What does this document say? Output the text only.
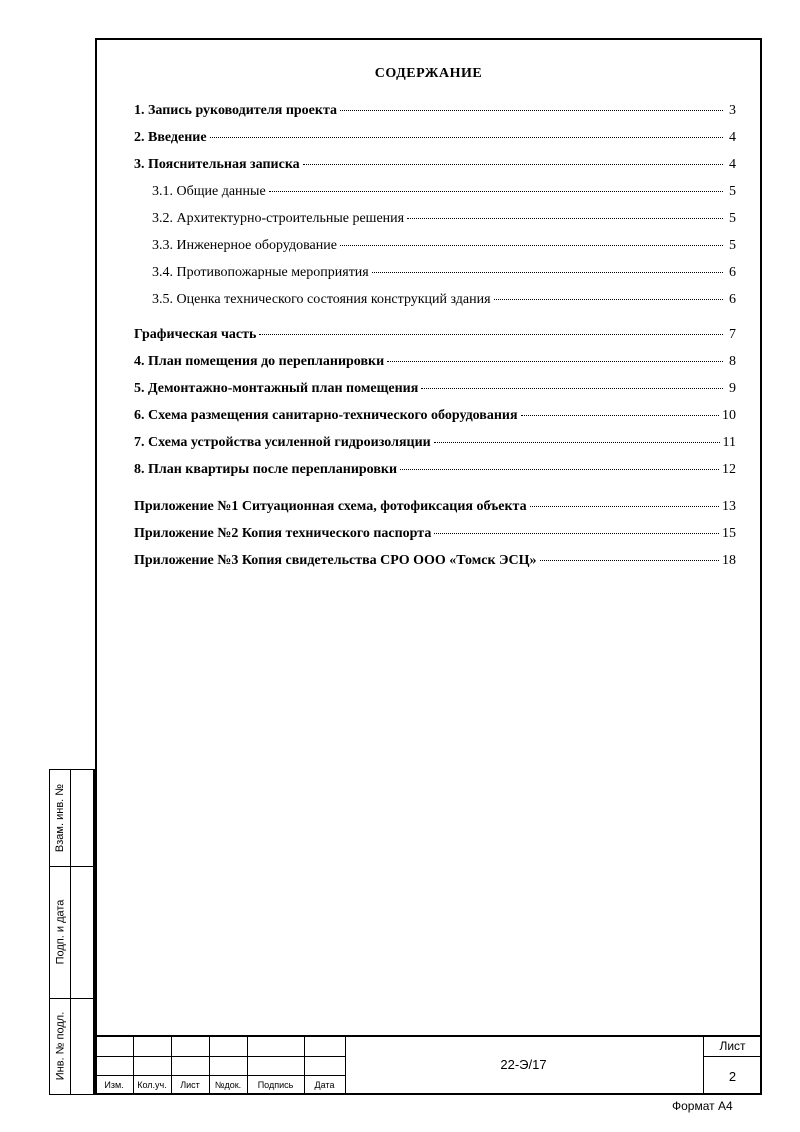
СОДЕРЖАНИЕ
1. Запись руководителя проекта	3
2. Введение	4
3. Пояснительная записка	4
3.1. Общие данные	5
3.2. Архитектурно-строительные решения	5
3.3. Инженерное оборудование	5
3.4. Противопожарные мероприятия	6
3.5. Оценка технического состояния конструкций здания	6
Графическая часть	7
4. План помещения до перепланировки	8
5. Демонтажно-монтажный план помещения	9
6. Схема размещения санитарно-технического оборудования	10
7. Схема устройства усиленной гидроизоляции	11
8. План квартиры после перепланировки	12
Приложение №1 Ситуационная схема, фотофиксация объекта	13
Приложение №2 Копия технического паспорта	15
Приложение №3 Копия свидетельства СРО ООО «Томск ЭСЦ»	18
Взам. инв. №
Подп. и дата
Инв. № подл.
Изм.	Кол.уч.	Лист	№док.	Подпись	Дата
22-Э/17
Лист
2
Формат А4
